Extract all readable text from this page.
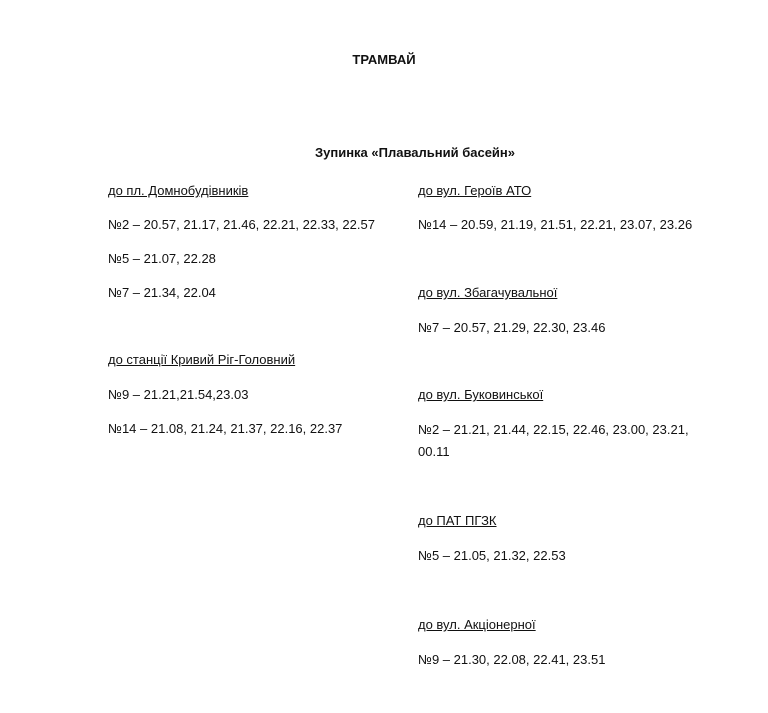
ТРАМВАЙ
Зупинка «Плавальний басейн»
до пл. Домнобудівників
№2 – 20.57, 21.17, 21.46, 22.21, 22.33, 22.57
№5 – 21.07, 22.28
№7 – 21.34, 22.04
до станції Кривий Ріг-Головний
№9 – 21.21,21.54,23.03
№14 – 21.08, 21.24, 21.37, 22.16, 22.37
до вул. Героїв АТО
№14 – 20.59, 21.19, 21.51, 22.21, 23.07, 23.26
до вул. Збагачувальної
№7 – 20.57, 21.29, 22.30, 23.46
до вул. Буковинської
№2 – 21.21, 21.44, 22.15, 22.46, 23.00, 23.21, 00.11
до ПАТ ПГЗК
№5 – 21.05, 21.32, 22.53
до вул. Акціонерної
№9 – 21.30, 22.08, 22.41, 23.51
